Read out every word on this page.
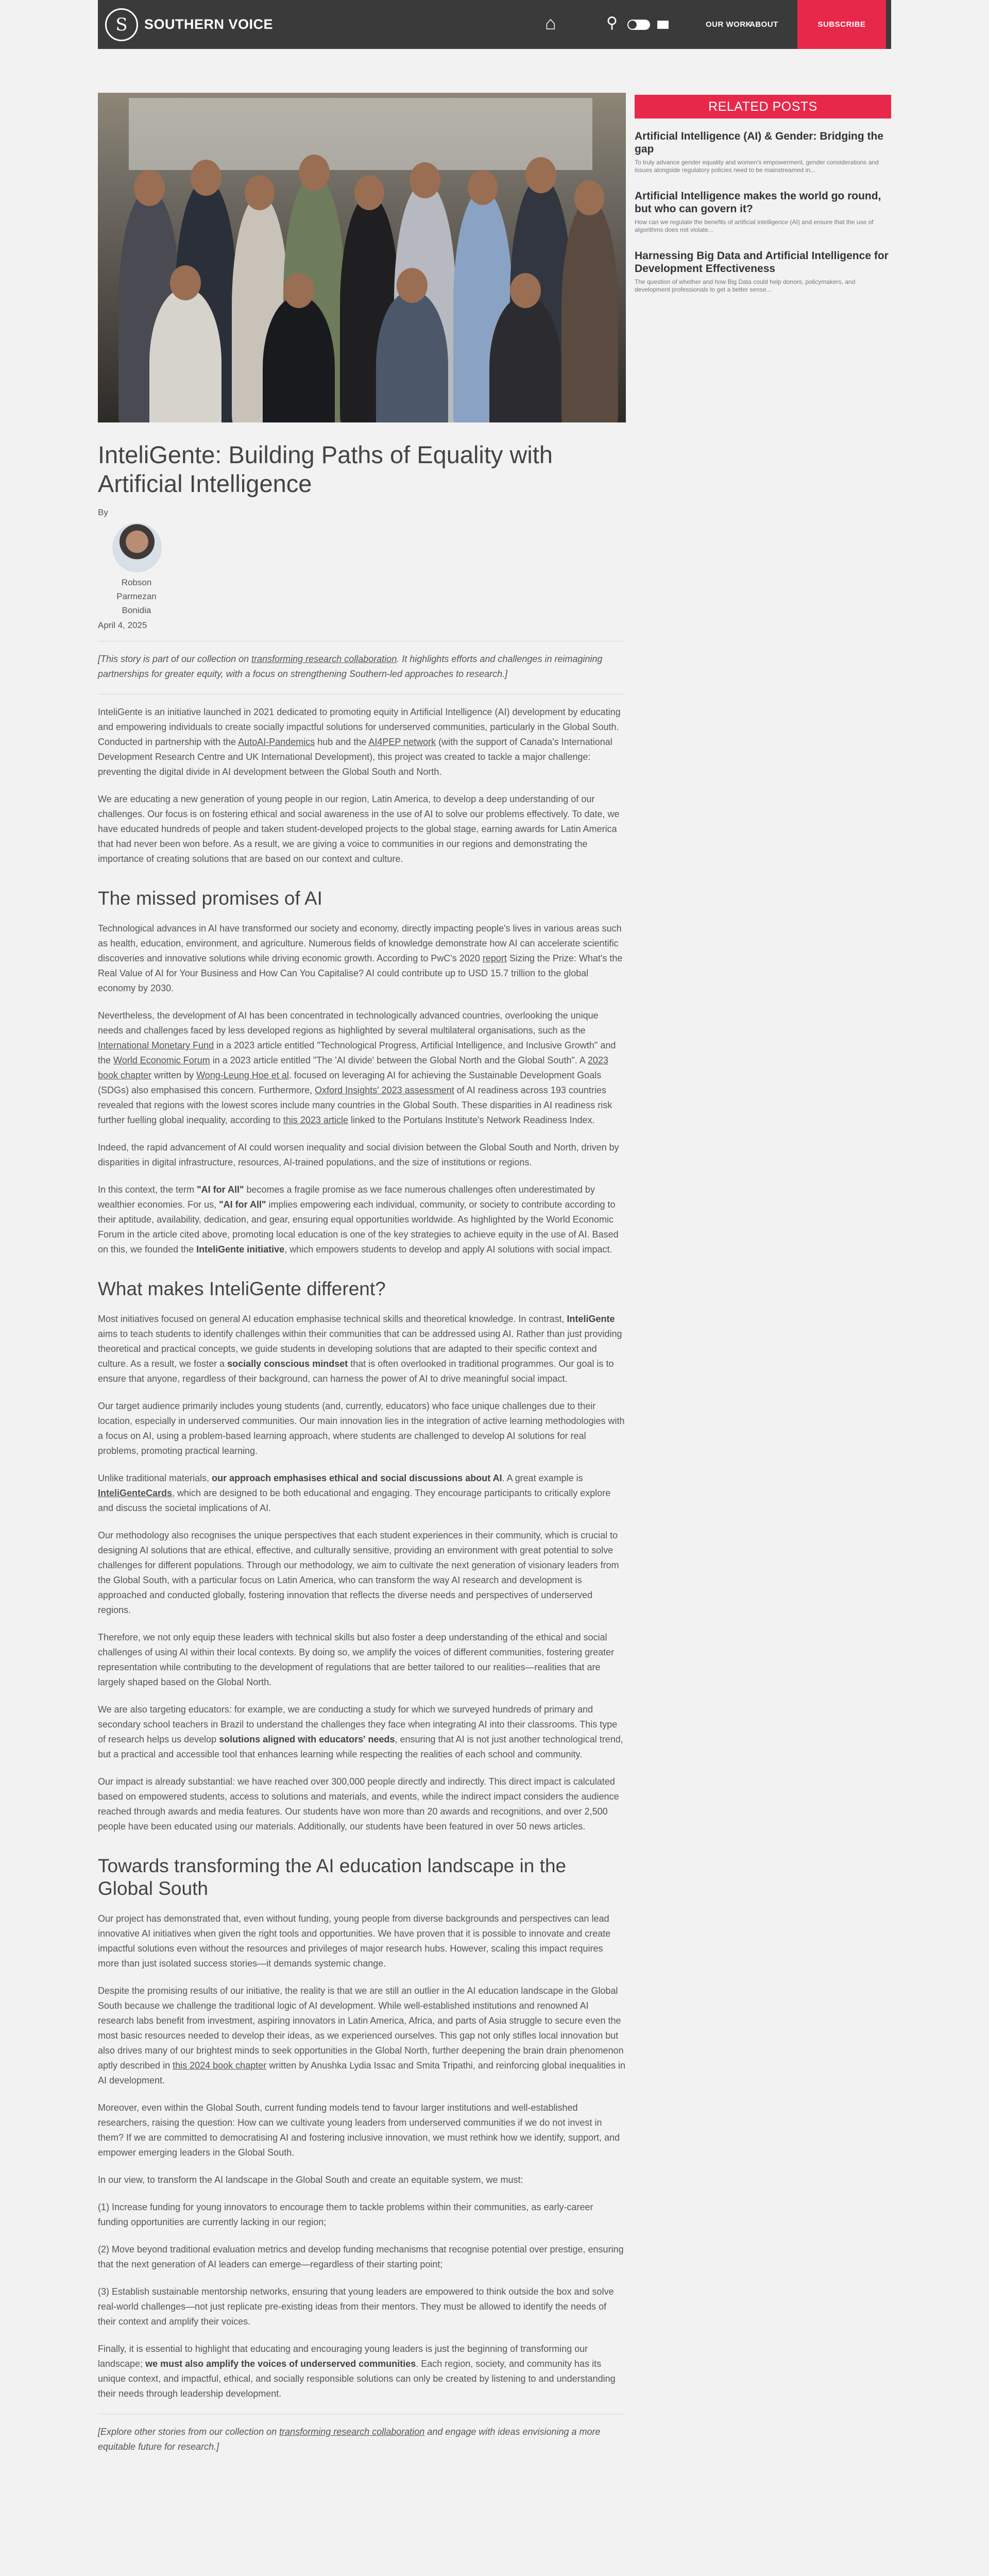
S	SOUTHERN VOICE	⌂	⚲	OUR WORK
ABOUT	SUBSCRIBE
RELATED POSTS
Artificial Intelligence (AI) & Gender: Bridging the gap
To truly advance gender equality and women's empowerment, gender considerations and issues alongside regulatory policies need to be mainstreamed in...
Artificial Intelligence makes the world go round, but who can govern it?
How can we regulate the benefits of artificial intelligence (AI) and ensure that the use of algorithms does not violate...
Harnessing Big Data and Artificial Intelligence for Development Effectiveness
The question of whether and how Big Data could help donors, policymakers, and development professionals to get a better sense...
InteliGente: Building Paths of Equality with Artificial Intelligence
By
Robson
Parmezan
Bonidia
April 4, 2025

[This story is part of our collection on transforming research collaboration. It highlights efforts and challenges in reimagining partnerships for greater equity, with a focus on strengthening Southern-led approaches to research.]

InteliGente is an initiative launched in 2021 dedicated to promoting equity in Artificial Intelligence (AI) development by educating and empowering individuals to create socially impactful solutions for underserved communities, particularly in the Global South. Conducted in partnership with the AutoAI-Pandemics hub and the AI4PEP network (with the support of Canada's International Development Research Centre and UK International Development), this project was created to tackle a major challenge: preventing the digital divide in AI development between the Global South and North.

We are educating a new generation of young people in our region, Latin America, to develop a deep understanding of our challenges. Our focus is on fostering ethical and social awareness in the use of AI to solve our problems effectively. To date, we have educated hundreds of people and taken student-developed projects to the global stage, earning awards for Latin America that had never been won before. As a result, we are giving a voice to communities in our regions and demonstrating the importance of creating solutions that are based on our context and culture.

The missed promises of AI

Technological advances in AI have transformed our society and economy, directly impacting people's lives in various areas such as health, education, environment, and agriculture. Numerous fields of knowledge demonstrate how AI can accelerate scientific discoveries and innovative solutions while driving economic growth. According to PwC's 2020 report Sizing the Prize: What's the Real Value of AI for Your Business and How Can You Capitalise? AI could contribute up to USD 15.7 trillion to the global economy by 2030.

Nevertheless, the development of AI has been concentrated in technologically advanced countries, overlooking the unique needs and challenges faced by less developed regions as highlighted by several multilateral organisations, such as the International Monetary Fund in a 2023 article entitled "Technological Progress, Artificial Intelligence, and Inclusive Growth" and the World Economic Forum in a 2023 article entitled "The 'AI divide' between the Global North and the Global South". A 2023 book chapter written by Wong-Leung Hoe et al. focused on leveraging AI for achieving the Sustainable Development Goals (SDGs) also emphasised this concern. Furthermore, Oxford Insights' 2023 assessment of AI readiness across 193 countries revealed that regions with the lowest scores include many countries in the Global South. These disparities in AI readiness risk further fuelling global inequality, according to this 2023 article linked to the Portulans Institute's Network Readiness Index.

Indeed, the rapid advancement of AI could worsen inequality and social division between the Global South and North, driven by disparities in digital infrastructure, resources, AI-trained populations, and the size of institutions or regions.

In this context, the term "AI for All" becomes a fragile promise as we face numerous challenges often underestimated by wealthier economies. For us, "AI for All" implies empowering each individual, community, or society to contribute according to their aptitude, availability, dedication, and gear, ensuring equal opportunities worldwide. As highlighted by the World Economic Forum in the article cited above, promoting local education is one of the key strategies to achieve equity in the use of AI. Based on this, we founded the InteliGente initiative, which empowers students to develop and apply AI solutions with social impact.

What makes InteliGente different?

Most initiatives focused on general AI education emphasise technical skills and theoretical knowledge. In contrast, InteliGente aims to teach students to identify challenges within their communities that can be addressed using AI. Rather than just providing theoretical and practical concepts, we guide students in developing solutions that are adapted to their specific context and culture. As a result, we foster a socially conscious mindset that is often overlooked in traditional programmes. Our goal is to ensure that anyone, regardless of their background, can harness the power of AI to drive meaningful social impact.

Our target audience primarily includes young students (and, currently, educators) who face unique challenges due to their location, especially in underserved communities. Our main innovation lies in the integration of active learning methodologies with a focus on AI, using a problem-based learning approach, where students are challenged to develop AI solutions for real problems, promoting practical learning.

Unlike traditional materials, our approach emphasises ethical and social discussions about AI. A great example is InteliGenteCards, which are designed to be both educational and engaging. They encourage participants to critically explore and discuss the societal implications of AI.

Our methodology also recognises the unique perspectives that each student experiences in their community, which is crucial to designing AI solutions that are ethical, effective, and culturally sensitive, providing an environment with great potential to solve challenges for different populations. Through our methodology, we aim to cultivate the next generation of visionary leaders from the Global South, with a particular focus on Latin America, who can transform the way AI research and development is approached and conducted globally, fostering innovation that reflects the diverse needs and perspectives of underserved regions.

Therefore, we not only equip these leaders with technical skills but also foster a deep understanding of the ethical and social challenges of using AI within their local contexts. By doing so, we amplify the voices of different communities, fostering greater representation while contributing to the development of regulations that are better tailored to our realities—realities that are largely shaped based on the Global North.

We are also targeting educators: for example, we are conducting a study for which we surveyed hundreds of primary and secondary school teachers in Brazil to understand the challenges they face when integrating AI into their classrooms. This type of research helps us develop solutions aligned with educators' needs, ensuring that AI is not just another technological trend, but a practical and accessible tool that enhances learning while respecting the realities of each school and community.

Our impact is already substantial: we have reached over 300,000 people directly and indirectly. This direct impact is calculated based on empowered students, access to solutions and materials, and events, while the indirect impact considers the audience reached through awards and media features. Our students have won more than 20 awards and recognitions, and over 2,500 people have been educated using our materials. Additionally, our students have been featured in over 50 news articles.

Towards transforming the AI education landscape in the Global South

Our project has demonstrated that, even without funding, young people from diverse backgrounds and perspectives can lead innovative AI initiatives when given the right tools and opportunities. We have proven that it is possible to innovate and create impactful solutions even without the resources and privileges of major research hubs. However, scaling this impact requires more than just isolated success stories—it demands systemic change.

Despite the promising results of our initiative, the reality is that we are still an outlier in the AI education landscape in the Global South because we challenge the traditional logic of AI development. While well-established institutions and renowned AI research labs benefit from investment, aspiring innovators in Latin America, Africa, and parts of Asia struggle to secure even the most basic resources needed to develop their ideas, as we experienced ourselves. This gap not only stifles local innovation but also drives many of our brightest minds to seek opportunities in the Global North, further deepening the brain drain phenomenon aptly described in this 2024 book chapter written by Anushka Lydia Issac and Smita Tripathi, and reinforcing global inequalities in AI development.

Moreover, even within the Global South, current funding models tend to favour larger institutions and well-established researchers, raising the question: How can we cultivate young leaders from underserved communities if we do not invest in them? If we are committed to democratising AI and fostering inclusive innovation, we must rethink how we identify, support, and empower emerging leaders in the Global South.

In our view, to transform the AI landscape in the Global South and create an equitable system, we must:

(1) Increase funding for young innovators to encourage them to tackle problems within their communities, as early-career funding opportunities are currently lacking in our region;

(2) Move beyond traditional evaluation metrics and develop funding mechanisms that recognise potential over prestige, ensuring that the next generation of AI leaders can emerge—regardless of their starting point;

(3) Establish sustainable mentorship networks, ensuring that young leaders are empowered to think outside the box and solve real-world challenges—not just replicate pre-existing ideas from their mentors. They must be allowed to identify the needs of their context and amplify their voices.

Finally, it is essential to highlight that educating and encouraging young leaders is just the beginning of transforming our landscape; we must also amplify the voices of underserved communities. Each region, society, and community has its unique context, and impactful, ethical, and socially responsible solutions can only be created by listening to and understanding their needs through leadership development.

[Explore other stories from our collection on transforming research collaboration and engage with ideas envisioning a more equitable future for research.]
